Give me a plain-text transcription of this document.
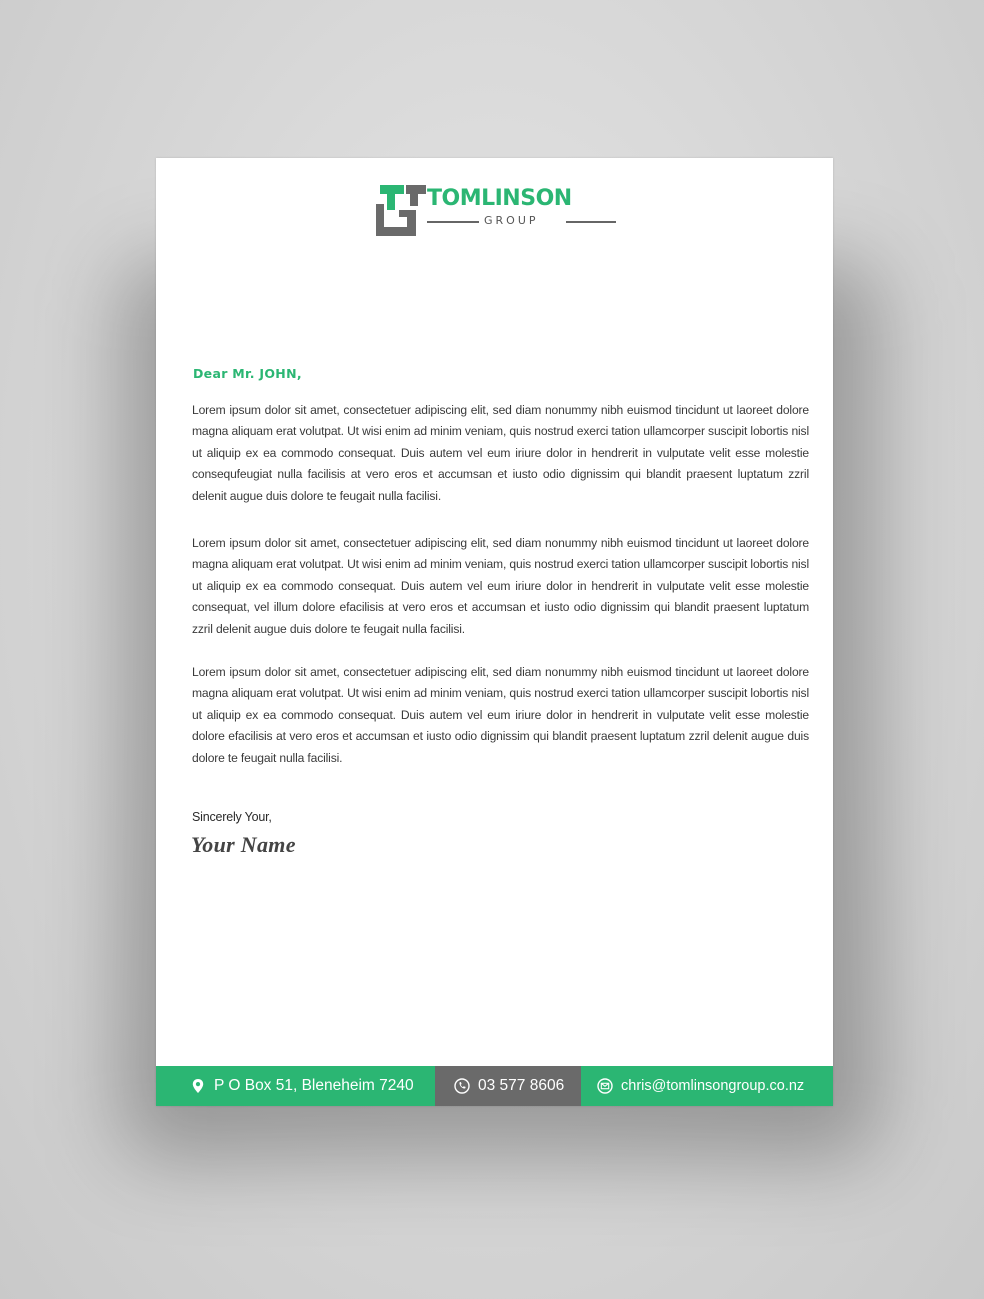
TOMLINSON
GROUP
Dear Mr. JOHN,

Lorem ipsum dolor sit amet, consectetuer adipiscing elit, sed diam nonummy nibh euismod tincidunt ut laoreet dolore magna aliquam erat volutpat. Ut wisi enim ad minim veniam, quis nostrud exerci tation ullamcorper suscipit lobortis nisl ut aliquip ex ea commodo consequat. Duis autem vel eum iriure dolor in hendrerit in vulputate velit esse molestie consequfeugiat nulla facilisis at vero eros et accumsan et iusto odio dignissim qui blandit praesent luptatum zzril delenit augue duis dolore te feugait nulla facilisi.

Lorem ipsum dolor sit amet, consectetuer adipiscing elit, sed diam nonummy nibh euismod tincidunt ut laoreet dolore magna aliquam erat volutpat. Ut wisi enim ad minim veniam, quis nostrud exerci tation ullamcorper suscipit lobortis nisl ut aliquip ex ea commodo consequat. Duis autem vel eum iriure dolor in hendrerit in vulputate velit esse molestie consequat, vel illum dolore efacilisis at vero eros et accumsan et iusto odio dignissim qui blandit praesent luptatum zzril delenit augue duis dolore te feugait nulla facilisi.

Lorem ipsum dolor sit amet, consectetuer adipiscing elit, sed diam nonummy nibh euismod tincidunt ut laoreet dolore magna aliquam erat volutpat. Ut wisi enim ad minim veniam, quis nostrud exerci tation ullamcorper suscipit lobortis nisl ut aliquip ex ea commodo consequat. Duis autem vel eum iriure dolor in hendrerit in vulputate velit esse molestie dolore efacilisis at vero eros et accumsan et iusto odio dignissim qui blandit praesent luptatum zzril delenit augue duis dolore te feugait nulla facilisi.

Sincerely Your,
Your Name
P O Box 51, Bleneheim 7240	03 577 8606	chris@tomlinsongroup.co.nz
